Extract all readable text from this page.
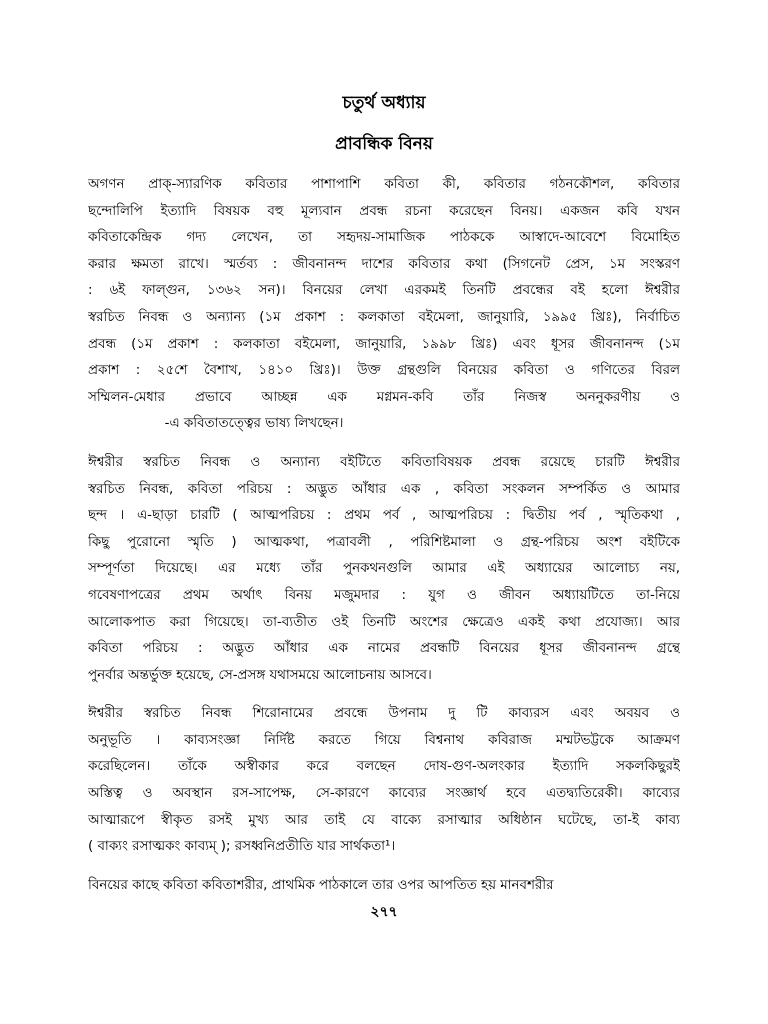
চতুর্থ অধ্যায়
প্রাবন্ধিক বিনয়
অগণন প্রাক্-স্যারণিক কবিতার পাশাপাশি কবিতা কী, কবিতার গঠনকৌশল, কবিতার
ছন্দোলিপি ইত্যাদি বিষয়ক বহু মূল্যবান প্রবন্ধ রচনা করেছেন বিনয়। একজন কবি যখন
কবিতাকেন্দ্রিক গদ্য লেখেন, তা সহৃদয়-সামাজিক পাঠককে আস্বাদে-আবেশে বিমোহিত
করার ক্ষমতা রাখে। স্মর্তব্য : জীবনানন্দ দাশের কবিতার কথা (সিগনেট প্রেস, ১ম সংস্করণ
: ৬ই ফাল্গুন, ১৩৬২ সন)। বিনয়ের লেখা এরকমই তিনটি প্রবন্ধের বই হলো ঈশ্বরীর
স্বরচিত নিবন্ধ ও অন্যান্য (১ম প্রকাশ : কলকাতা বইমেলা, জানুয়ারি, ১৯৯৫ খ্রিঃ), নির্বাচিত
প্রবন্ধ (১ম প্রকাশ : কলকাতা বইমেলা, জানুয়ারি, ১৯৯৮ খ্রিঃ) এবং ধূসর জীবনানন্দ (১ম
প্রকাশ : ২৫শে বৈশাখ, ১৪১০ খ্রিঃ)। উক্ত গ্রন্থগুলি বিনয়ের কবিতা ও গণিতের বিরল
সম্মিলন-মেধার প্রভাবে আচ্ছন্ন এক মগ্নমন-কবি তাঁর নিজস্ব অননুকরণীয় ও
-এ কবিতাতত্ত্বের ভাষ্য লিখছেন।
ঈশ্বরীর স্বরচিত নিবন্ধ ও অন্যান্য বইটিতে কবিতাবিষয়ক প্রবন্ধ রয়েছে চারটি ঈশ্বরীর
স্বরচিত নিবন্ধ, কবিতা পরিচয় : অদ্ভুত আঁধার এক , কবিতা সংকলন সম্পর্কিত ও আমার
ছন্দ । এ-ছাড়া চারটি ( আত্মপরিচয় : প্রথম পর্ব , আত্মপরিচয় : দ্বিতীয় পর্ব , স্মৃতিকথা ,
কিছু পুরোনো স্মৃতি ) আত্মকথা, পত্রাবলী , পরিশিষ্টমালা ও গ্রন্থ-পরিচয় অংশ বইটিকে
সম্পূর্ণতা দিয়েছে। এর মধ্যে তাঁর পুনকথনগুলি আমার এই অধ্যায়ের আলোচ্য নয়,
গবেষণাপত্রের প্রথম অর্থাৎ বিনয় মজুমদার : যুগ ও জীবন অধ্যায়টিতে তা-নিয়ে
আলোকপাত করা গিয়েছে। তা-ব্যতীত ওই তিনটি অংশের ক্ষেত্রেও একই কথা প্রযোজ্য। আর
কবিতা পরিচয় : অদ্ভুত আঁধার এক নামের প্রবন্ধটি বিনয়ের ধূসর জীবনানন্দ গ্রন্থে
পুনর্বার অন্তর্ভুক্ত হয়েছে, সে-প্রসঙ্গ যথাসময়ে আলোচনায় আসবে।
ঈশ্বরীর স্বরচিত নিবন্ধ শিরোনামের প্রবন্ধে উপনাম দু টি কাব্যরস এবং অবয়ব ও
অনুভূতি । কাব্যসংজ্ঞা নির্দিষ্ট করতে গিয়ে বিশ্বনাথ কবিরাজ মম্মটভট্টকে আক্রমণ
করেছিলেন। তাঁকে অস্বীকার করে বলছেন দোষ-গুণ-অলংকার ইত্যাদি সকলকিছুরই
অস্তিত্ব ও অবস্থান রস-সাপেক্ষ, সে-কারণে কাব্যের সংজ্ঞার্থ হবে এতদ্ব্যতিরেকী। কাব্যের
আত্মারূপে স্বীকৃত রসই মুখ্য আর তাই যে বাক্যে রসাত্মার অধিষ্ঠান ঘটেছে, তা-ই কাব্য
( বাক্যং রসাত্মকং কাব্যম্ ); রসধ্বনিপ্রতীতি যার সার্থকতা¹।
বিনয়ের কাছে কবিতা কবিতাশরীর, প্রাথমিক পাঠকালে তার ওপর আপতিত হয় মানবশরীর
২৭৭
